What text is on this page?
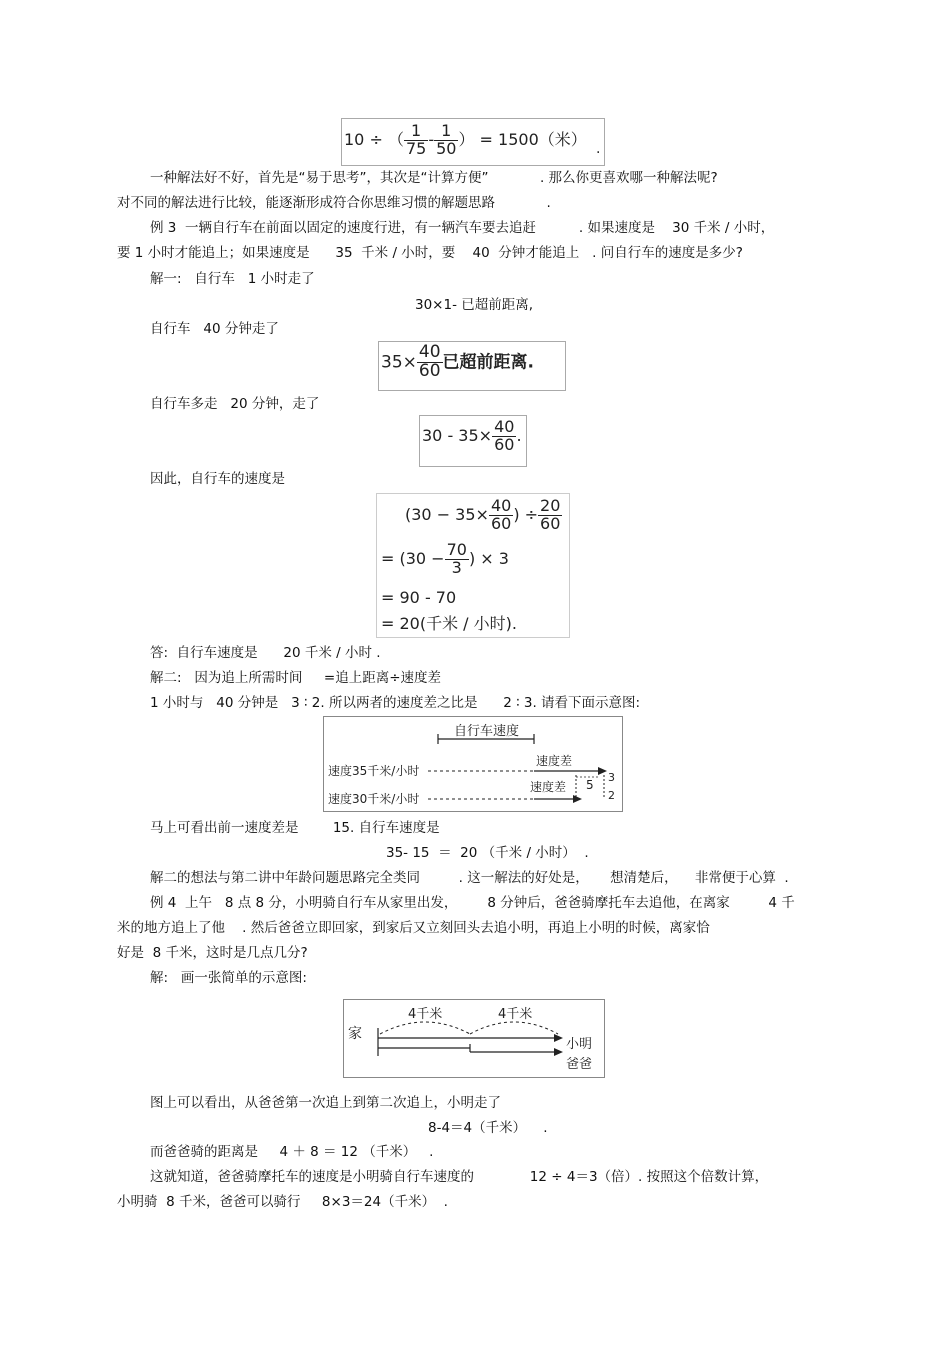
10 ÷ （ $\frac{1}{75} - \frac{1}{50}$ ） = 1500（米）
.
一种解法好不好，首先是“易于思考”，其次是“计算方便”            . 那么你更喜欢哪一种解法呢?
对不同的解法进行比较，能逐渐形成符合你思维习惯的解题思路            .
例 3  一辆自行车在前面以固定的速度行进，有一辆汽车要去追赶          . 如果速度是    30 千米 / 小时，
要 1 小时才能追上；如果速度是      35  千米 / 小时，要    40  分钟才能追上   . 问自行车的速度是多少?
解一:   自行车   1 小时走了
30×1- 已超前距离,
自行车   40 分钟走了
$35\times \frac{40}{60}$ 已超前距离.
自行车多走   20 分钟，走了
$30 - 35\times \frac{40}{60}$ .
因此，自行车的速度是
($30 - 35\times \frac{40}{60}$ ) ÷ $\frac{20}{60}$
= ($30 - \frac{70}{3}$ ) × 3
= 90 - 70
= 20(千米 / 小时).
答:  自行车速度是      20 千米 / 小时 .
解二:   因为追上所需时间     =追上距离÷速度差
1 小时与   40 分钟是   3 ∶ 2. 所以两者的速度差之比是      2 ∶ 3. 请看下面示意图:
自行车速度
速度35千米/小时
速度差
速度30千米/小时
速度差 5
3
2
马上可看出前一速度差是        15. 自行车速度是
35- 15  ＝  20 （千米 / 小时）  .
解二的想法与第二讲中年龄问题思路完全类同         . 这一解法的好处是，     想清楚后，    非常便于心算  .
例 4  上午   8 点 8 分，小明骑自行车从家里出发，       8 分钟后，爸爸骑摩托车去追他，在离家         4 千
米的地方追上了他    . 然后爸爸立即回家，到家后又立刻回头去追小明，再追上小明的时候，离家恰
好是  8 千米，这时是几点几分?
解:   画一张简单的示意图:
家
4千米	4千米
小明
爸爸
图上可以看出，从爸爸第一次追上到第二次追上，小明走了
8-4＝4（千米）    .
而爸爸骑的距离是     4 ＋ 8 ＝ 12 （千米）   .
这就知道，爸爸骑摩托车的速度是小明骑自行车速度的             12 ÷ 4＝3（倍）. 按照这个倍数计算，
小明骑  8 千米，爸爸可以骑行     8×3＝24（千米）  .
